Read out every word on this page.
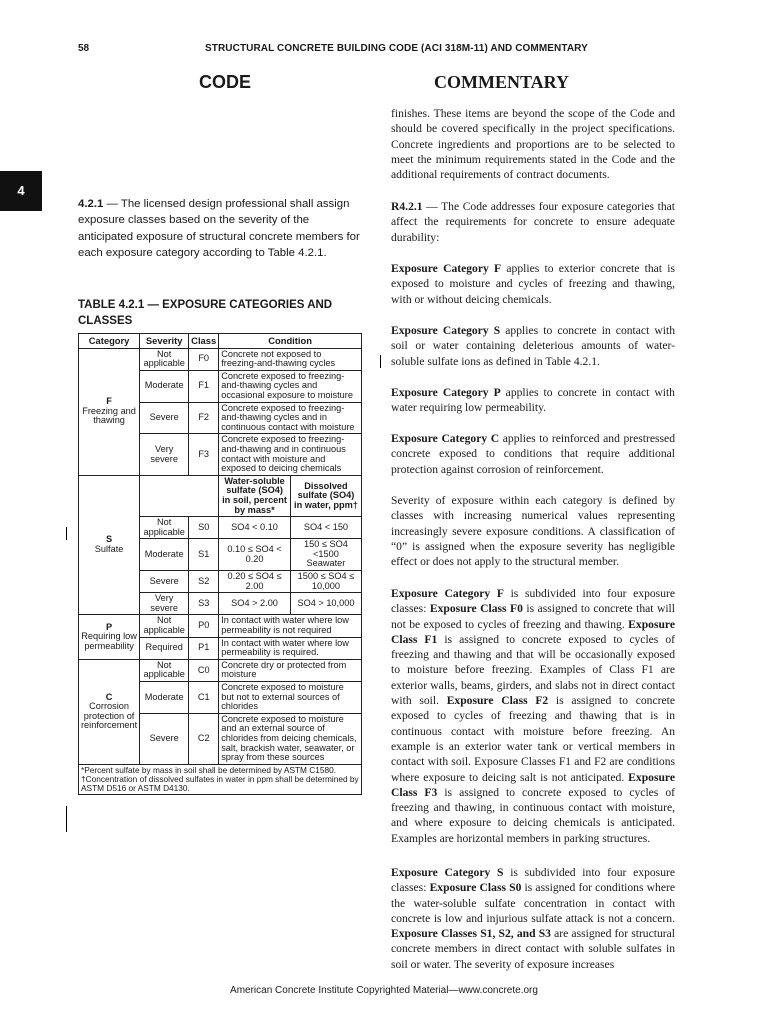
58	STRUCTURAL CONCRETE BUILDING CODE (ACI 318M-11) AND COMMENTARY
CODE	COMMENTARY
4
4.2.1 — The licensed design professional shall assign exposure classes based on the severity of the anticipated exposure of structural concrete members for each exposure category according to Table 4.2.1.
TABLE 4.2.1 — EXPOSURE CATEGORIES AND CLASSES
Category	Severity	Class	Condition	

F
Freezing and thawing	Not applicable	F0	Concrete not exposed to freezing-and-thawing cycles	
	Moderate	F1	Concrete exposed to freezing-and-thawing cycles and occasional exposure to moisture	
	Severe	F2	Concrete exposed to freezing-and-thawing cycles and in continuous contact with moisture	
	Very severe	F3	Concrete exposed to freezing-and-thawing and in continuous contact with moisture and exposed to deicing chemicals	

S
Sulfate			Water-soluble sulfate (SO4) in soil, percent by mass*	Dissolved sulfate (SO4) in water, ppm†
	Not applicable	S0	SO4 < 0.10	SO4 < 150
	Moderate	S1	0.10 ≤ SO4 < 0.20	150 ≤ SO4 <1500 Seawater
	Severe	S2	0.20 ≤ SO4 ≤ 2.00	1500 ≤ SO4 ≤ 10,000
	Very severe	S3	SO4 > 2.00	SO4 > 10,000

P
Requiring low permeability	Not applicable	P0	In contact with water where low permeability is not required	
	Required	P1	In contact with water where low permeability is required.	

C
Corrosion protection of reinforcement	Not applicable	C0	Concrete dry or protected from moisture	
	Moderate	C1	Concrete exposed to moisture but not to external sources of chlorides	
	Severe	C2	Concrete exposed to moisture and an external source of chlorides from deicing chemicals, salt, brackish water, seawater, or spray from these sources	

*Percent sulfate by mass in soil shall be determined by ASTM C1580.
†Concentration of dissolved sulfates in water in ppm shall be determined by ASTM D516 or ASTM D4130.				
finishes. These items are beyond the scope of the Code and should be covered specifically in the project specifications. Concrete ingredients and proportions are to be selected to meet the minimum requirements stated in the Code and the additional requirements of contract documents.
R4.2.1 — The Code addresses four exposure categories that affect the requirements for concrete to ensure adequate durability:
Exposure Category F applies to exterior concrete that is exposed to moisture and cycles of freezing and thawing, with or without deicing chemicals.
Exposure Category S applies to concrete in contact with soil or water containing deleterious amounts of water-soluble sulfate ions as defined in Table 4.2.1.
Exposure Category P applies to concrete in contact with water requiring low permeability.
Exposure Category C applies to reinforced and prestressed concrete exposed to conditions that require additional protection against corrosion of reinforcement.
Severity of exposure within each category is defined by classes with increasing numerical values representing increasingly severe exposure conditions. A classification of “0” is assigned when the exposure severity has negligible effect or does not apply to the structural member.
Exposure Category F is subdivided into four exposure classes: Exposure Class F0 is assigned to concrete that will not be exposed to cycles of freezing and thawing. Exposure Class F1 is assigned to concrete exposed to cycles of freezing and thawing and that will be occasionally exposed to moisture before freezing. Examples of Class F1 are exterior walls, beams, girders, and slabs not in direct contact with soil. Exposure Class F2 is assigned to concrete exposed to cycles of freezing and thawing that is in continuous contact with moisture before freezing. An example is an exterior water tank or vertical members in contact with soil. Exposure Classes F1 and F2 are conditions where exposure to deicing salt is not anticipated. Exposure Class F3 is assigned to concrete exposed to cycles of freezing and thawing, in continuous contact with moisture, and where exposure to deicing chemicals is anticipated. Examples are horizontal members in parking structures.
Exposure Category S is subdivided into four exposure classes: Exposure Class S0 is assigned for conditions where the water-soluble sulfate concentration in contact with concrete is low and injurious sulfate attack is not a concern. Exposure Classes S1, S2, and S3 are assigned for structural concrete members in direct contact with soluble sulfates in soil or water. The severity of exposure increases
American Concrete Institute Copyrighted Material—www.concrete.org
